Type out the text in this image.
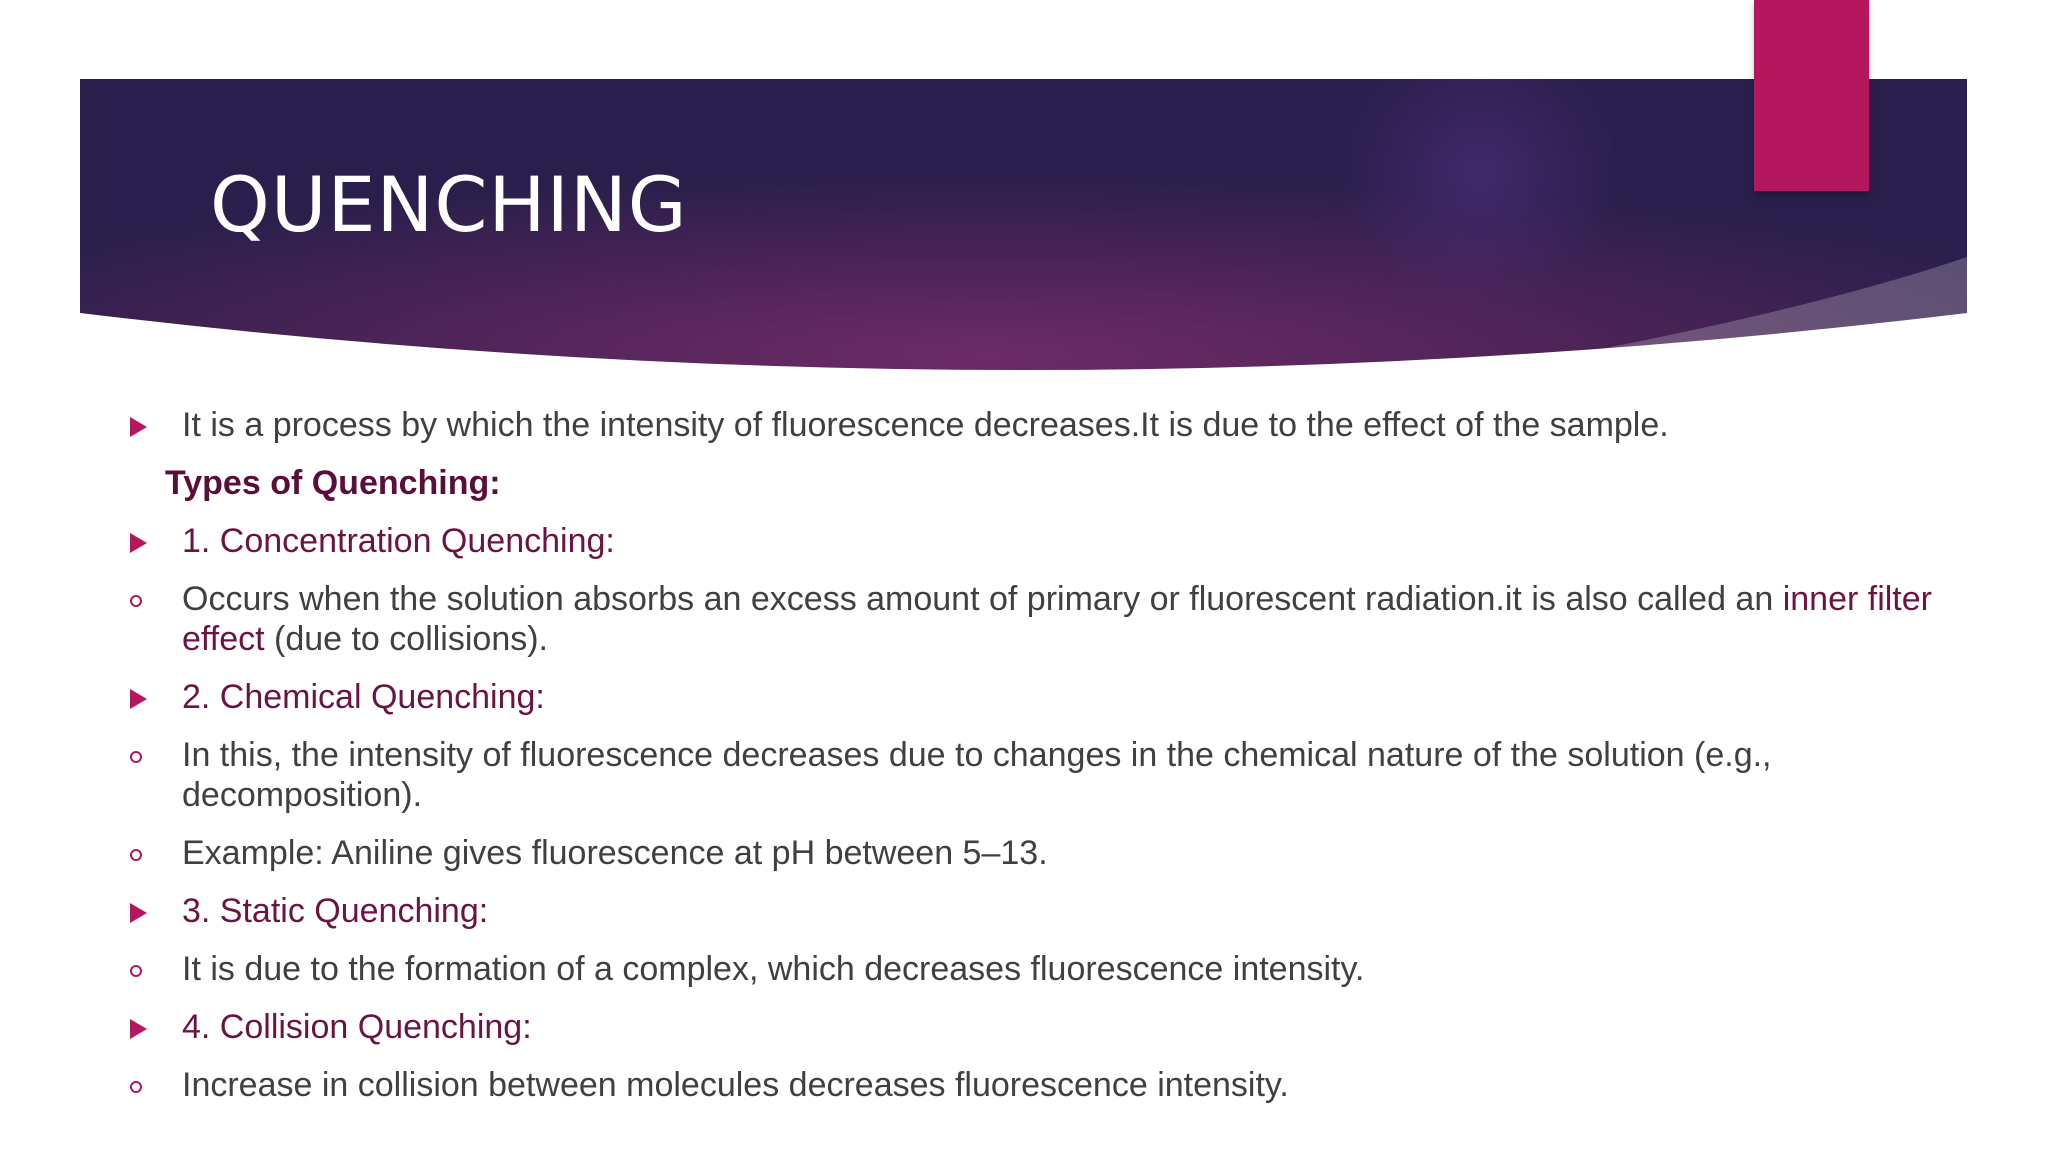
QUENCHING
It is a process by which the intensity of fluorescence decreases.It is due to the effect of the sample.
Types of Quenching:
1. Concentration Quenching:
Occurs when the solution absorbs an excess amount of primary or fluorescent radiation.it is also called an inner filter effect (due to collisions).
2. Chemical Quenching:
In this, the intensity of fluorescence decreases due to changes in the chemical nature of the solution (e.g., decomposition).
Example: Aniline gives fluorescence at pH between 5–13.
3. Static Quenching:
It is due to the formation of a complex, which decreases fluorescence intensity.
4. Collision Quenching:
Increase in collision between molecules decreases fluorescence intensity.
